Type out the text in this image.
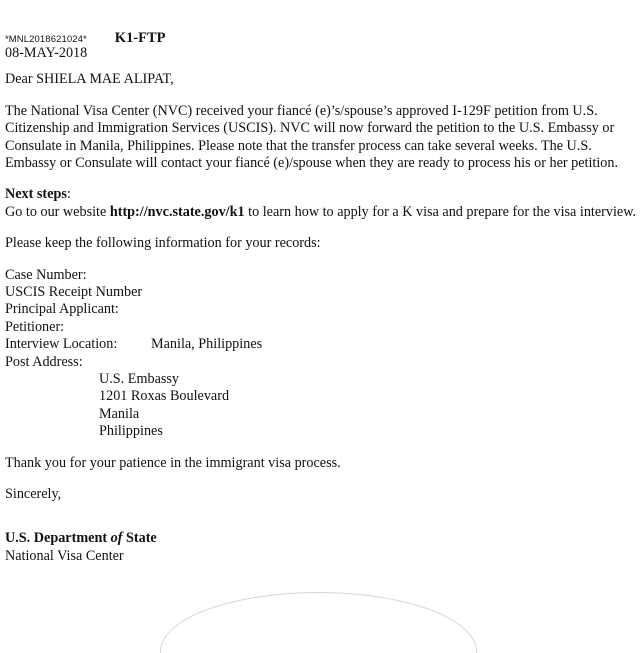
*MNL2018621024* K1-FTP
08-MAY-2018
Dear SHIELA MAE ALIPAT,

The National Visa Center (NVC) received your fiancé (e)’s/spouse’s approved I-129F petition from U.S. Citizenship and Immigration Services (USCIS). NVC will now forward the petition to the U.S. Embassy or Consulate in Manila, Philippines. Please note that the transfer process can take several weeks. The U.S. Embassy or Consulate will contact your fiancé (e)/spouse when they are ready to process his or her petition.

Next steps:

Go to our website http://nvc.state.gov/k1 to learn how to apply for a K visa and prepare for the visa interview.

Please keep the following information for your records:

Case Number:
USCIS Receipt Number
Principal Applicant:
Petitioner:
Interview Location:	Manila, Philippines
Post Address:
U.S. Embassy
1201 Roxas Boulevard
Manila
Philippines

Thank you for your patience in the immigrant visa process.

Sincerely,

U.S. Department of State
National Visa Center
